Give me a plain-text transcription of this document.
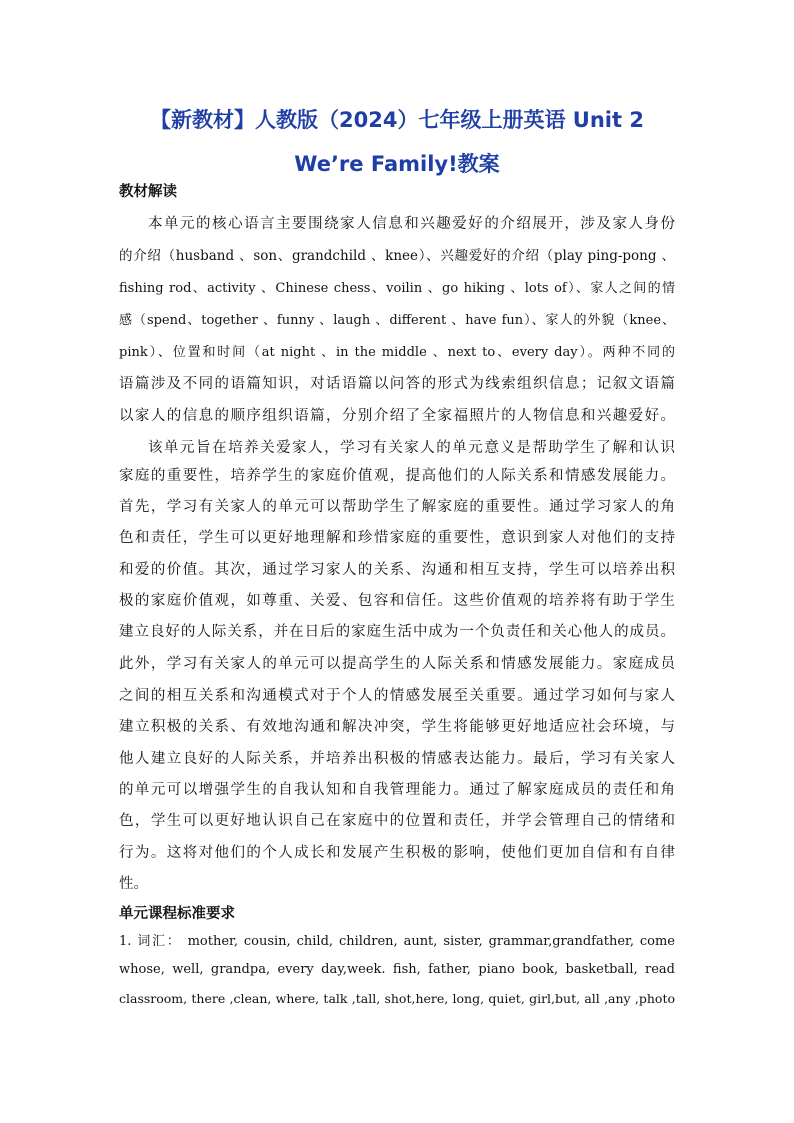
【新教材】人教版（2024）七年级上册英语 Unit 2
We’re Family!教案
教材解读
本单元的核心语言主要围绕家人信息和兴趣爱好的介绍展开，涉及家人身份
的介绍（husband 、son、grandchild 、knee）、兴趣爱好的介绍（play ping-pong 、
fishing rod、activity 、Chinese chess、voilin 、go hiking 、lots of）、家人之间的情
感（spend、together 、funny 、laugh 、different 、have fun）、家人的外貌（knee、
pink）、位置和时间（at night 、in the middle 、next to、every day）。两种不同的
语篇涉及不同的语篇知识，对话语篇以问答的形式为线索组织信息；记叙文语篇
以家人的信息的顺序组织语篇，分别介绍了全家福照片的人物信息和兴趣爱好。
该单元旨在培养关爱家人，学习有关家人的单元意义是帮助学生了解和认识
家庭的重要性，培养学生的家庭价值观，提高他们的人际关系和情感发展能力。
首先，学习有关家人的单元可以帮助学生了解家庭的重要性。通过学习家人的角
色和责任，学生可以更好地理解和珍惜家庭的重要性，意识到家人对他们的支持
和爱的价值。其次，通过学习家人的关系、沟通和相互支持，学生可以培养出积
极的家庭价值观，如尊重、关爱、包容和信任。这些价值观的培养将有助于学生
建立良好的人际关系，并在日后的家庭生活中成为一个负责任和关心他人的成员。
此外，学习有关家人的单元可以提高学生的人际关系和情感发展能力。家庭成员
之间的相互关系和沟通模式对于个人的情感发展至关重要。通过学习如何与家人
建立积极的关系、有效地沟通和解决冲突，学生将能够更好地适应社会环境，与
他人建立良好的人际关系，并培养出积极的情感表达能力。最后，学习有关家人
的单元可以增强学生的自我认知和自我管理能力。通过了解家庭成员的责任和角
色，学生可以更好地认识自己在家庭中的位置和责任，并学会管理自己的情绪和
行为。这将对他们的个人成长和发展产生积极的影响，使他们更加自信和有自律
性。
单元课程标准要求
1. 词汇： mother, cousin, child, children, aunt, sister, grammar,grandfather, come
whose, well, grandpa, every day,week. fish, father, piano book, basketball, read
classroom, there ,clean, where, talk ,tall, shot,here, long, quiet, girl,but, all ,any ,photo
